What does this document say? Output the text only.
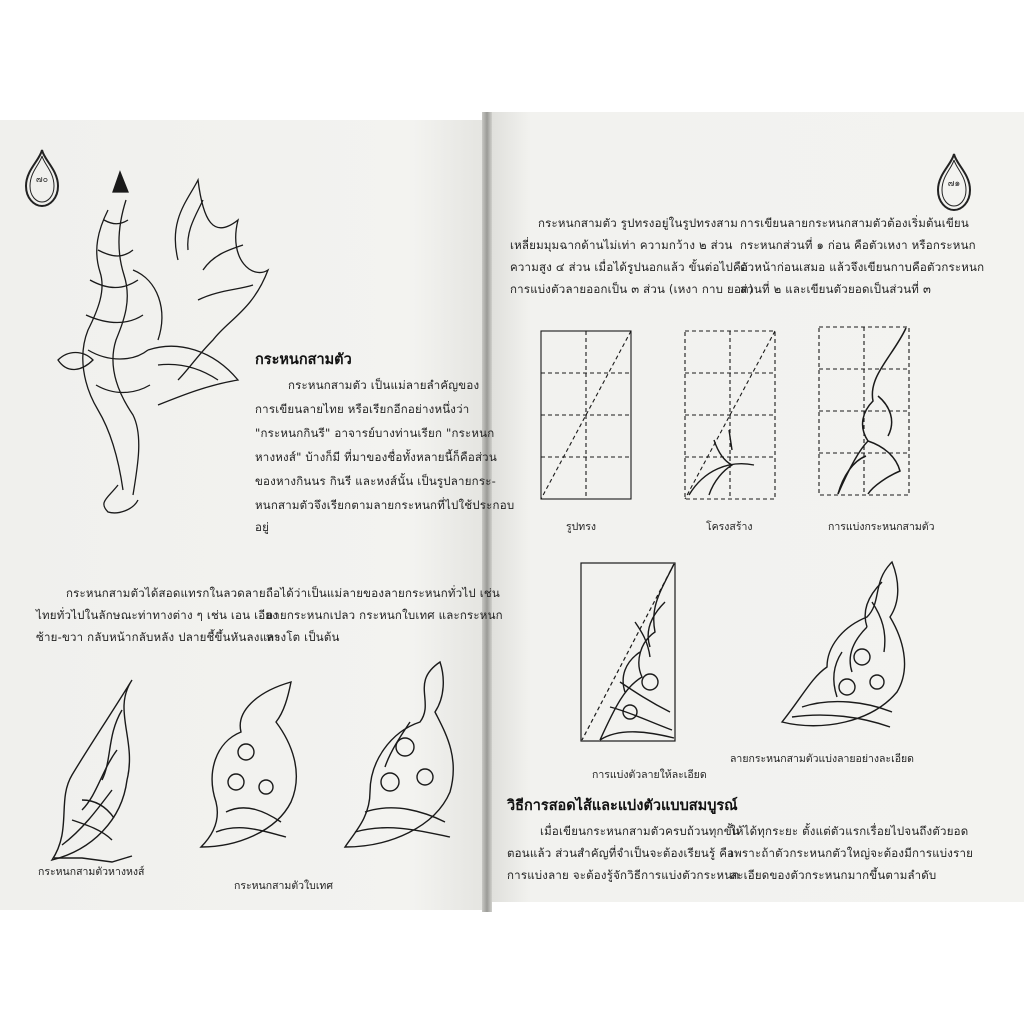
๗๐	๗๑
กระหนกสามตัว
กระหนกสามตัว เป็นแม่ลายลำคัญของ
การเขียนลายไทย หรือเรียกอีกอย่างหนึ่งว่า
"กระหนกกินรี" อาจารย์บางท่านเรียก "กระหนก
หางหงส์" บ้างก็มี ที่มาของชื่อทั้งหลายนี้ก็คือส่วน
ของหางกินนร กินรี และหงส์นั้น เป็นรูปลายกระ-
หนกสามตัวจึงเรียกตามลายกระหนกที่ไปใช้ประกอบ
อยู่
กระหนกสามตัวได้สอดแทรกในลวดลาย
ไทยทั่วไปในลักษณะท่าทางต่าง ๆ เช่น เอน เอียง
ซ้าย-ขวา กลับหน้ากลับหลัง ปลายชี้ขึ้นหันลงและ
ถือได้ว่าเป็นแม่ลายของลายกระหนกทั่วไป เช่น
ลายกระหนกเปลว กระหนกใบเทศ และกระหนก
หางโต เป็นต้น
กระหนกสามตัวหางหงส์
กระหนกสามตัวใบเทศ
กระหนกสามตัว รูปทรงอยู่ในรูปทรงสาม
เหลี่ยมมุมฉากด้านไม่เท่า ความกว้าง ๒ ส่วน
ความสูง ๔ ส่วน เมื่อได้รูปนอกแล้ว ขั้นต่อไปคือ
การแบ่งตัวลายออกเป็น ๓ ส่วน (เหงา กาบ ยอด)
การเขียนลายกระหนกสามตัวต้องเริ่มต้นเขียน
กระหนกส่วนที่ ๑ ก่อน คือตัวเหงา หรือกระหนก
ตัวหน้าก่อนเสมอ แล้วจึงเขียนกาบคือตัวกระหนก
ส่วนที่ ๒ และเขียนตัวยอดเป็นส่วนที่ ๓
รูปทรง	โครงสร้าง	การแบ่งกระหนกสามตัว
การแบ่งตัวลายให้ละเอียด
ลายกระหนกสามตัวแบ่งลายอย่างละเอียด
วิธีการสอดไส้และแบ่งตัวแบบสมบูรณ์
เมื่อเขียนกระหนกสามตัวครบถ้วนทุกขั้น
ตอนแล้ว ส่วนสำคัญที่จำเป็นจะต้องเรียนรู้ คือ
การแบ่งลาย จะต้องรู้จักวิธีการแบ่งตัวกระหนก
ให้ได้ทุกระยะ ตั้งแต่ตัวแรกเรื่อยไปจนถึงตัวยอด
เพราะถ้าตัวกระหนกตัวใหญ่จะต้องมีการแบ่งราย
ละเอียดของตัวกระหนกมากขึ้นตามลำดับ
